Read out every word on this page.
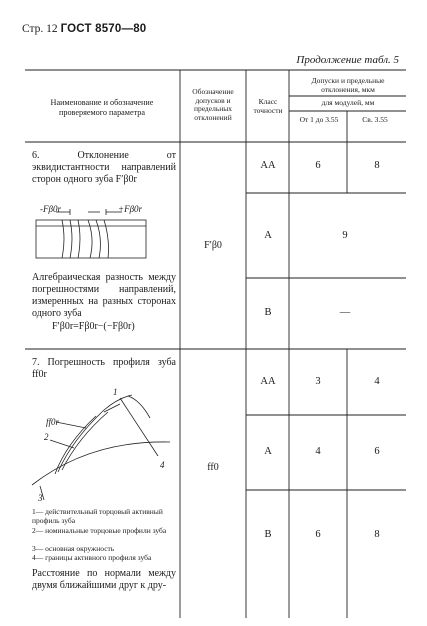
Стр. 12 ГОСТ 8570—80
Продолжение табл. 5
Наименование и обозначение проверяемого параметра
Обозначение допусков и предельных отклонений
Класс точности
Допуски и предельные отклонения, мкм
для модулей, мм
От 1 до 3.55	Св. 3.55
6. Отклонение от эквидистантности направлений сторон одного зуба F′β0r
-Fβ0r	+Fβ0r
Алгебраическая разность между погрешностями направлений, измеренных на разных сторонах одного зуба
F′β0r=Fβ0r−(−Fβ0r)
F′β0
АА	6	8
А	9
В	—
7. Погрешность профиля зуба ff0r
1
2
ff0r
3
4
1— действительный торцовый активный профиль зуба
2— номинальные торцовые профили зуба
3— основная окружность
4— границы активного профиля зуба
Расстояние по нормали между двумя ближайшими друг к дру-
ff0
АА	3	4
А	4	6
В	6	8
